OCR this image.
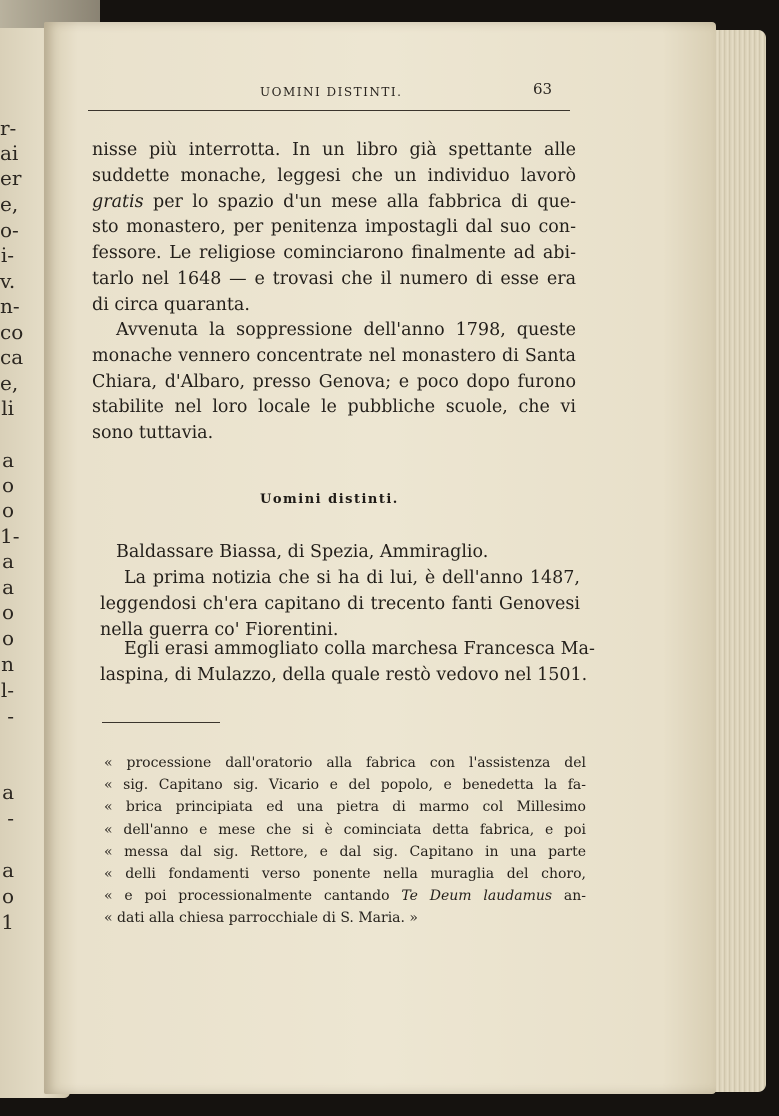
r-
ai
er
e,
o-
i-
v.
n-
co
ca
e,
li
a
o
o
1-
a
a
o
o
n
l-
-
a
-
a
o
1
UOMINI DISTINTI.	63
nisse più interrotta. In un libro già spettante alle
suddette monache, leggesi che un individuo lavorò
gratis per lo spazio d'un mese alla fabbrica di que-
sto monastero, per penitenza impostagli dal suo con-
fessore. Le religiose cominciarono finalmente ad abi-
tarlo nel 1648 — e trovasi che il numero di esse era
di circa quaranta.
Avvenuta la soppressione dell'anno 1798, queste
monache vennero concentrate nel monastero di Santa
Chiara, d'Albaro, presso Genova; e poco dopo furono
stabilite nel loro locale le pubbliche scuole, che vi
sono tuttavia.
Uomini distinti.
Baldassare Biassa, di Spezia, Ammiraglio.
La prima notizia che si ha di lui, è dell'anno 1487,
leggendosi ch'era capitano di trecento fanti Genovesi
nella guerra co' Fiorentini.
Egli erasi ammogliato colla marchesa Francesca Ma-
laspina, di Mulazzo, della quale restò vedovo nel 1501.
« processione dall'oratorio alla fabrica con l'assistenza del
« sig. Capitano sig. Vicario e del popolo, e benedetta la fa-
« brica principiata ed una pietra di marmo col Millesimo
« dell'anno e mese che si è cominciata detta fabrica, e poi
« messa dal sig. Rettore, e dal sig. Capitano in una parte
« delli fondamenti verso ponente nella muraglia del choro,
« e poi processionalmente cantando Te Deum laudamus an-
« dati alla chiesa parrocchiale di S. Maria. »
